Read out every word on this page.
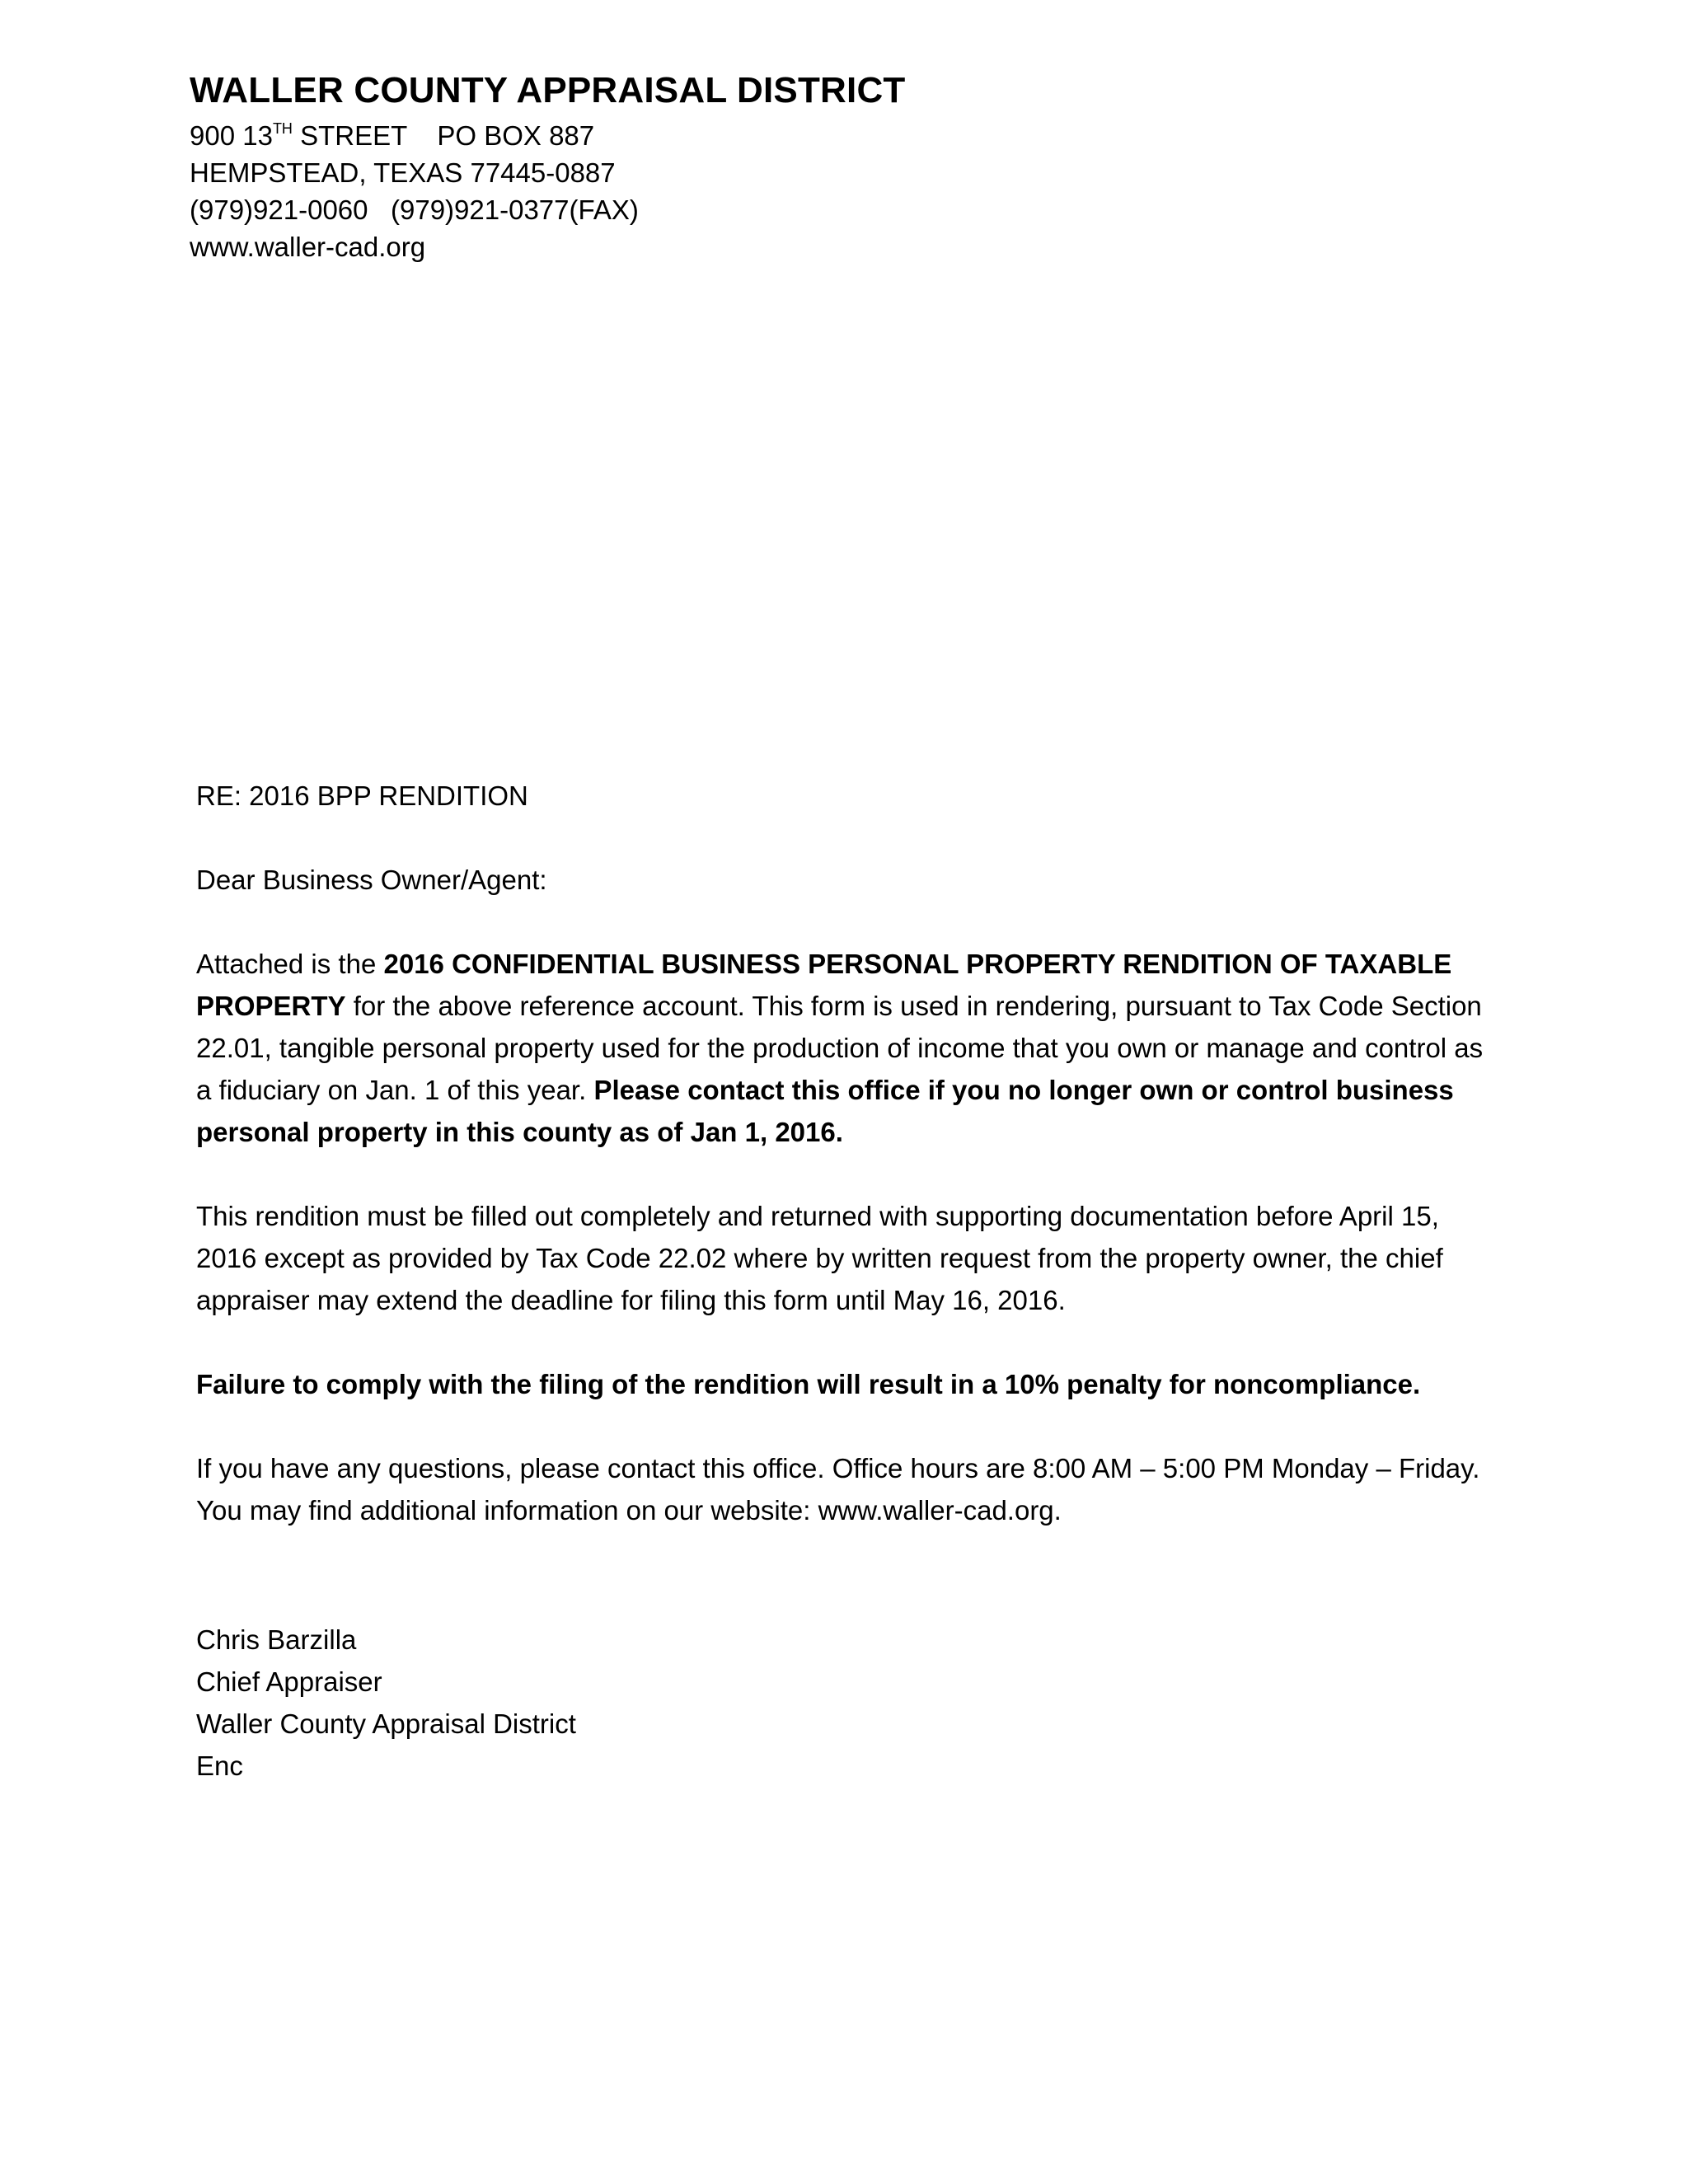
WALLER COUNTY APPRAISAL DISTRICT
900 13TH STREET    PO BOX 887
HEMPSTEAD, TEXAS 77445-0887
(979)921-0060   (979)921-0377(FAX)
www.waller-cad.org
RE: 2016 BPP RENDITION
Dear Business Owner/Agent:
Attached is the 2016 CONFIDENTIAL BUSINESS PERSONAL PROPERTY RENDITION OF TAXABLE PROPERTY for the above reference account. This form is used in rendering, pursuant to Tax Code Section 22.01, tangible personal property used for the production of income that you own or manage and control as a fiduciary on Jan. 1 of this year. Please contact this office if you no longer own or control business personal property in this county as of Jan 1, 2016.
This rendition must be filled out completely and returned with supporting documentation before April 15, 2016 except as provided by Tax Code 22.02 where by written request from the property owner, the chief appraiser may extend the deadline for filing this form until May 16, 2016.
Failure to comply with the filing of the rendition will result in a 10% penalty for noncompliance.
If you have any questions, please contact this office. Office hours are 8:00 AM – 5:00 PM Monday – Friday. You may find additional information on our website: www.waller-cad.org.
Chris Barzilla
Chief Appraiser
Waller County Appraisal District
Enc
